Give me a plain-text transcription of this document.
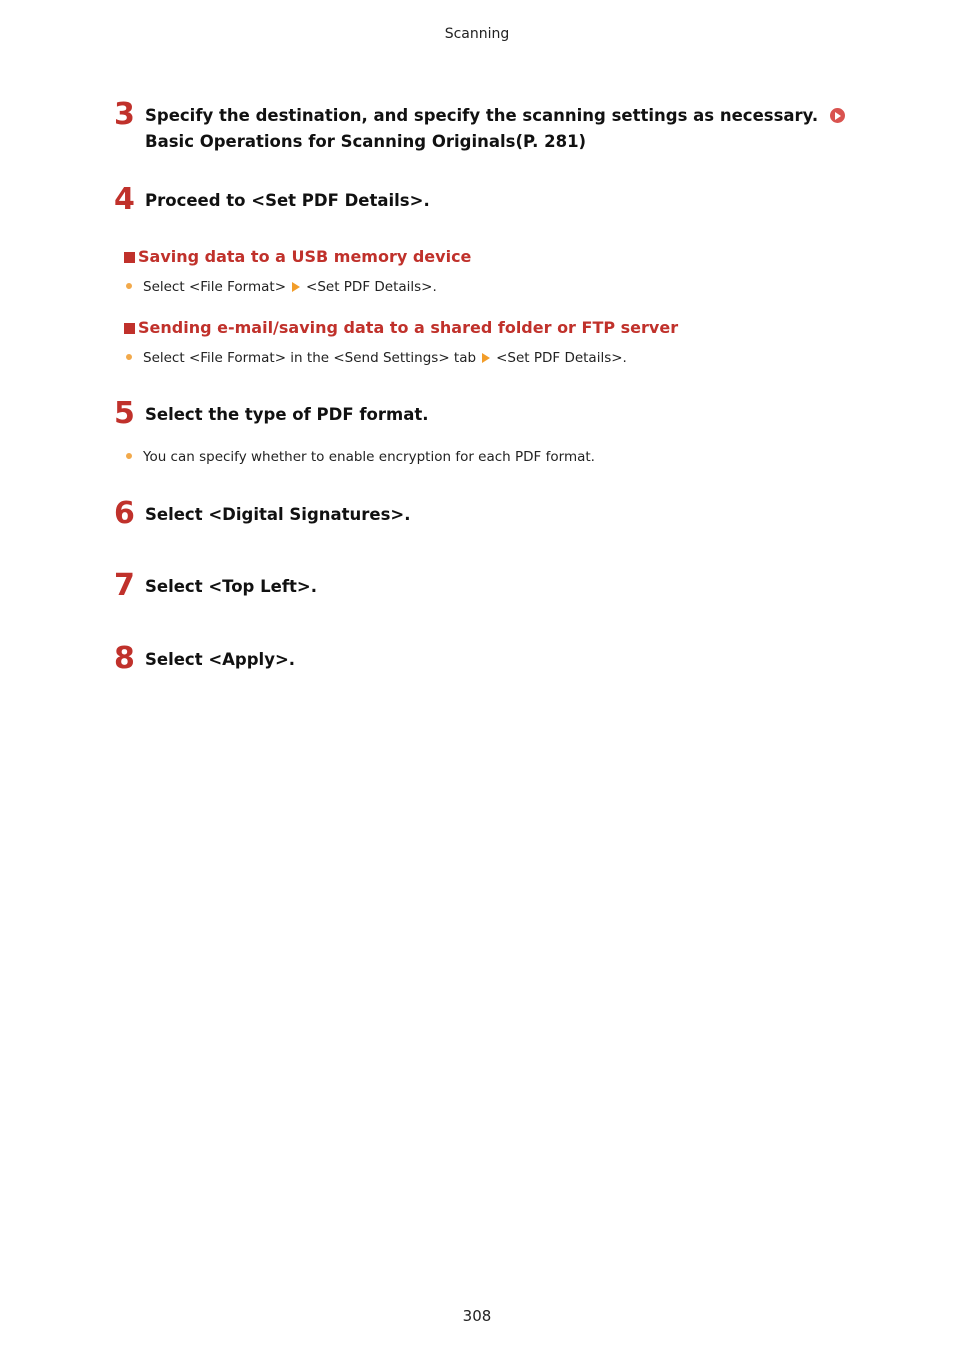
Scanning
3 Specify the destination, and specify the scanning settings as necessary.  Basic Operations for Scanning Originals(P. 281)
4 Proceed to <Set PDF Details>.
Saving data to a USB memory device
Select <File Format> <Set PDF Details>.
Sending e-mail/saving data to a shared folder or FTP server
Select <File Format> in the <Send Settings> tab <Set PDF Details>.
5 Select the type of PDF format.
You can specify whether to enable encryption for each PDF format.
6 Select <Digital Signatures>.
7 Select <Top Left>.
8 Select <Apply>.
308
